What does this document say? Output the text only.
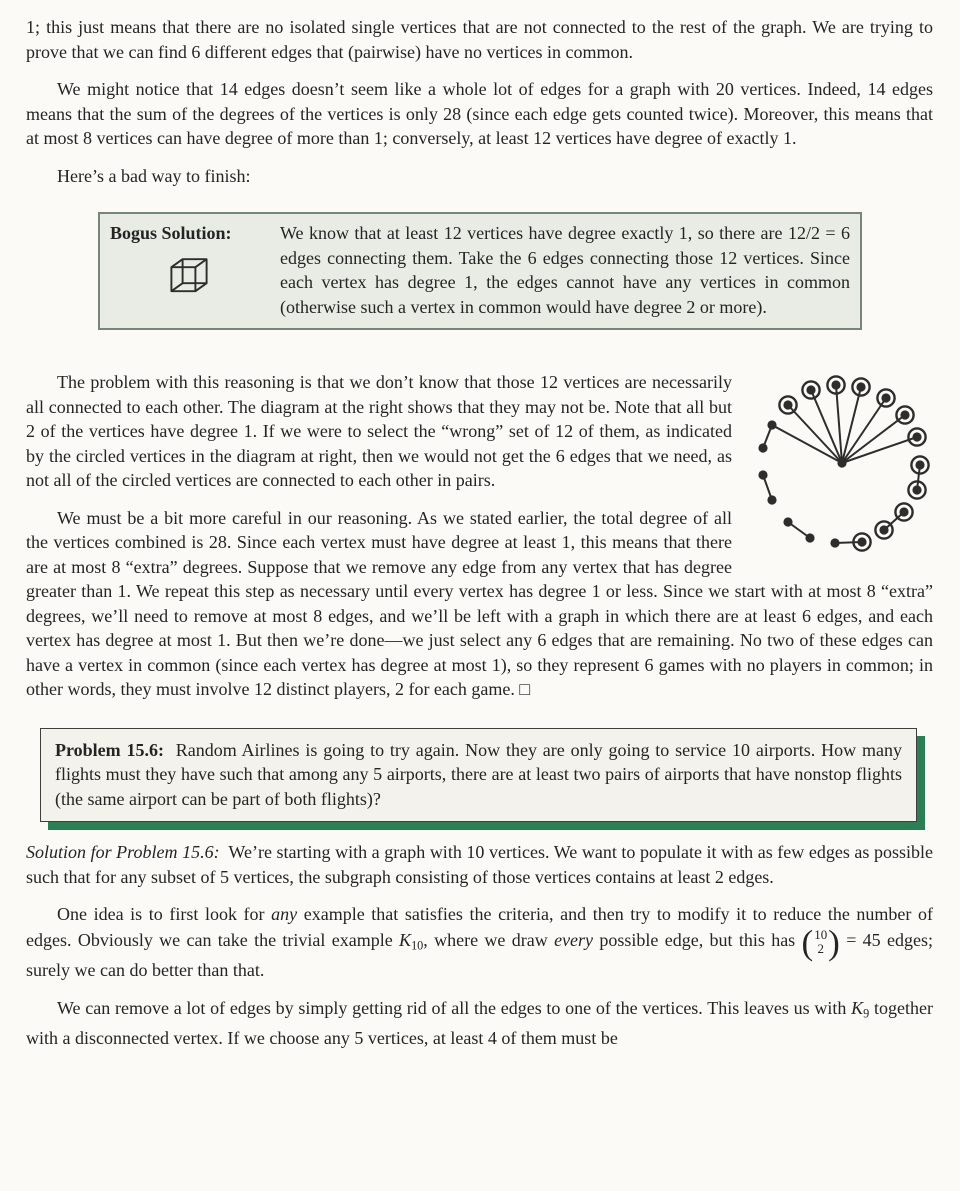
1; this just means that there are no isolated single vertices that are not connected to the rest of the graph. We are trying to prove that we can find 6 different edges that (pairwise) have no vertices in common.

We might notice that 14 edges doesn’t seem like a whole lot of edges for a graph with 20 vertices. Indeed, 14 edges means that the sum of the degrees of the vertices is only 28 (since each edge gets counted twice). Moreover, this means that at most 8 vertices can have degree of more than 1; conversely, at least 12 vertices have degree of exactly 1.

Here’s a bad way to finish:

Bogus Solution:	We know that at least 12 vertices have degree exactly 1, so there are 12/2 = 6 edges connecting them. Take the 6 edges connecting those 12 vertices. Since each vertex has degree 1, the edges cannot have any vertices in common (otherwise such a vertex in common would have degree 2 or more).

The problem with this reasoning is that we don’t know that those 12 vertices are necessarily all connected to each other. The diagram at the right shows that they may not be. Note that all but 2 of the vertices have degree 1. If we were to select the “wrong” set of 12 of them, as indicated by the circled vertices in the diagram at right, then we would not get the 6 edges that we need, as not all of the circled vertices are connected to each other in pairs.

We must be a bit more careful in our reasoning. As we stated earlier, the total degree of all the vertices combined is 28. Since each vertex must have degree at least 1, this means that there are at most 8 “extra” degrees. Suppose that we remove any edge from any vertex that has degree greater than 1. We repeat this step as necessary until every vertex has degree 1 or less. Since we start with at most 8 “extra” degrees, we’ll need to remove at most 8 edges, and we’ll be left with a graph in which there are at least 6 edges, and each vertex has degree at most 1. But then we’re done—we just select any 6 edges that are remaining. No two of these edges can have a vertex in common (since each vertex has degree at most 1), so they represent 6 games with no players in common; in other words, they must involve 12 distinct players, 2 for each game. □

Problem 15.6:  Random Airlines is going to try again. Now they are only going to service 10 airports. How many flights must they have such that among any 5 airports, there are at least two pairs of airports that have nonstop flights (the same airport can be part of both flights)?

Solution for Problem 15.6:  We’re starting with a graph with 10 vertices. We want to populate it with as few edges as possible such that for any subset of 5 vertices, the subgraph consisting of those vertices contains at least 2 edges.

One idea is to first look for any example that satisfies the criteria, and then try to modify it to reduce the number of edges. Obviously we can take the trivial example $K_{10}$, where we draw every possible edge, but this has ( 10
2 ) = 45 edges; surely we can do better than that.

We can remove a lot of edges by simply getting rid of all the edges to one of the vertices. This leaves us with $K_9$ together with a disconnected vertex. If we choose any 5 vertices, at least 4 of them must be
